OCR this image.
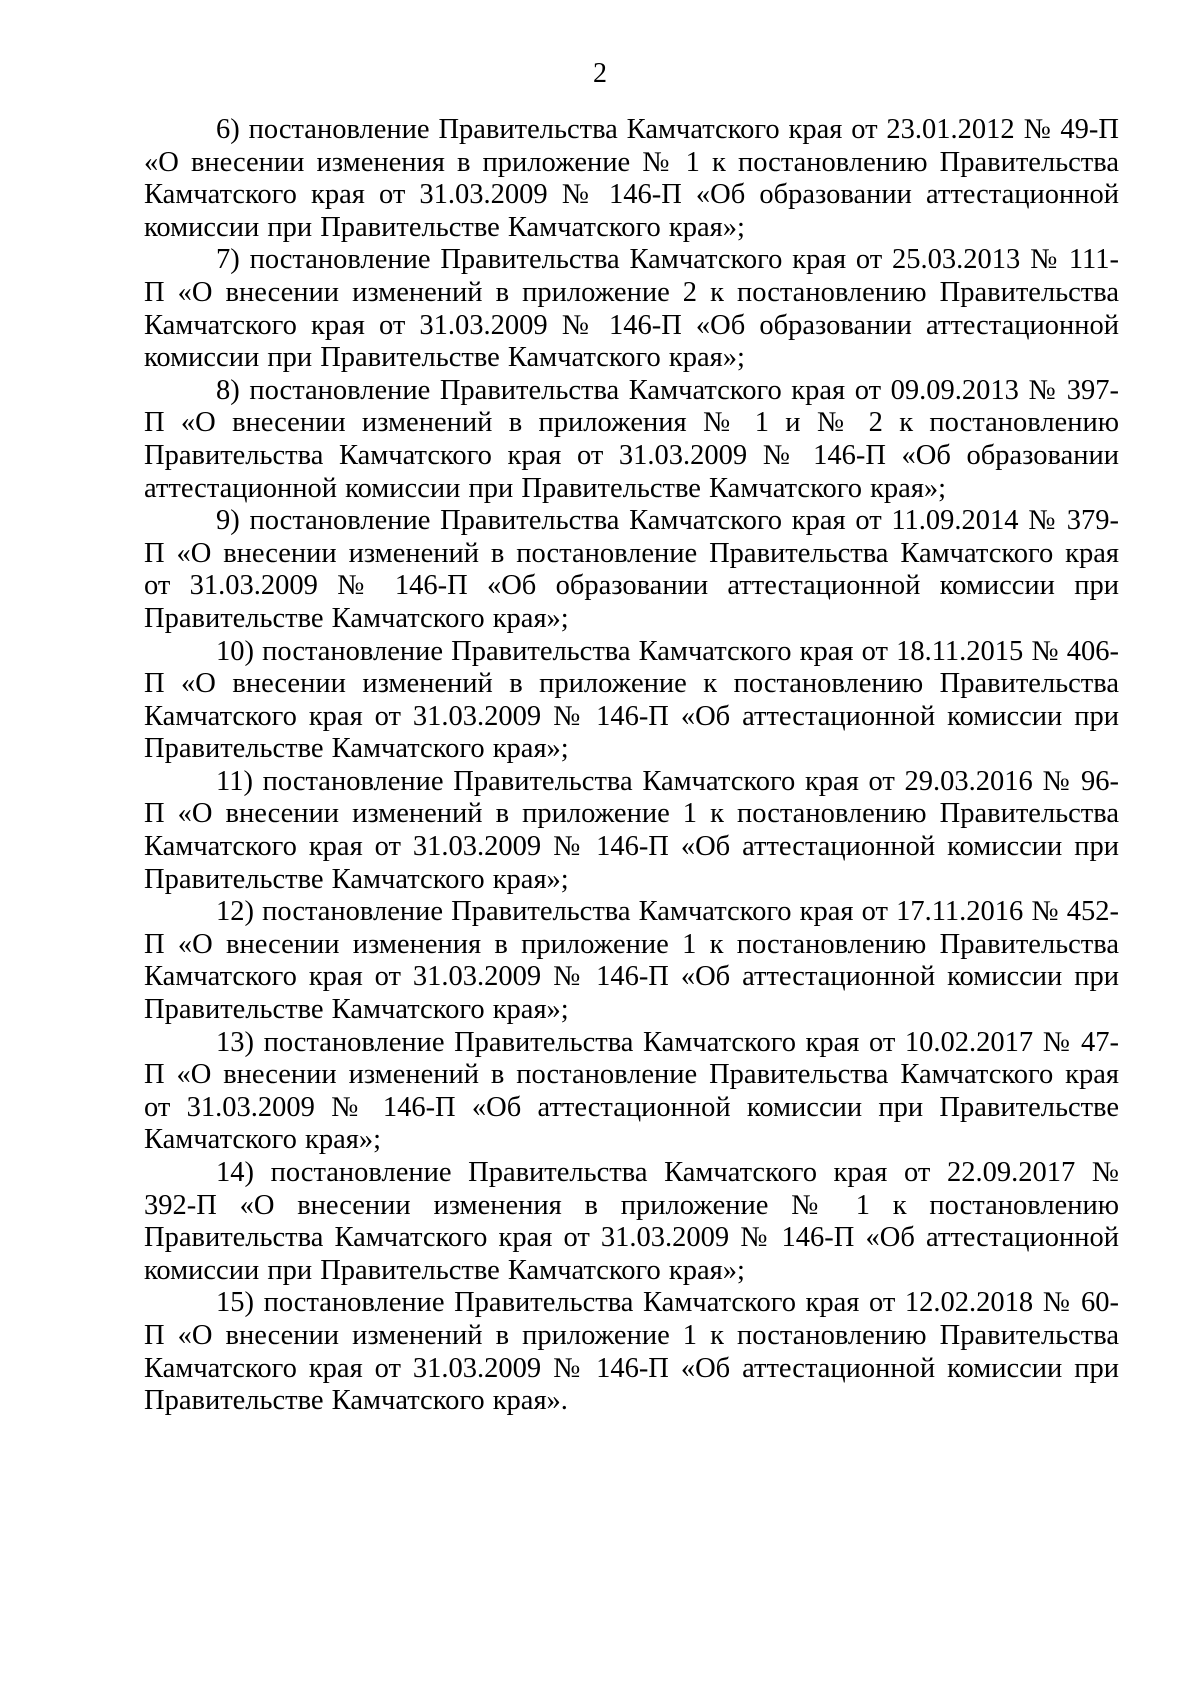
2

6) постановление Правительства Камчатского края от 23.01.2012 № 49-П «О внесении изменения в приложение № 1 к постановлению Правительства Камчатского края от 31.03.2009 № 146-П «Об образовании аттестационной комиссии при Правительстве Камчатского края»;

7) постановление Правительства Камчатского края от 25.03.2013 № 111-П «О внесении изменений в приложение 2 к постановлению Правительства Камчатского края от 31.03.2009 № 146-П «Об образовании аттестационной комиссии при Правительстве Камчатского края»;

8) постановление Правительства Камчатского края от 09.09.2013 № 397-П «О внесении изменений в приложения № 1 и № 2 к постановлению Правительства Камчатского края от 31.03.2009 № 146-П «Об образовании аттестационной комиссии при Правительстве Камчатского края»;

9) постановление Правительства Камчатского края от 11.09.2014 № 379-П «О внесении изменений в постановление Правительства Камчатского края от 31.03.2009 № 146-П «Об образовании аттестационной комиссии при Правительстве Камчатского края»;

10) постановление Правительства Камчатского края от 18.11.2015 № 406-П «О внесении изменений в приложение к постановлению Правительства Камчатского края от 31.03.2009 № 146-П «Об аттестационной комиссии при Правительстве Камчатского края»;

11) постановление Правительства Камчатского края от 29.03.2016 № 96-П «О внесении изменений в приложение 1 к постановлению Правительства Камчатского края от 31.03.2009 № 146-П «Об аттестационной комиссии при Правительстве Камчатского края»;

12) постановление Правительства Камчатского края от 17.11.2016 № 452-П «О внесении изменения в приложение 1 к постановлению Правительства Камчатского края от 31.03.2009 № 146-П «Об аттестационной комиссии при Правительстве Камчатского края»;

13) постановление Правительства Камчатского края от 10.02.2017 № 47-П «О внесении изменений в постановление Правительства Камчатского края от 31.03.2009 № 146-П «Об аттестационной комиссии при Правительстве Камчатского края»;

14) постановление Правительства Камчатского края от 22.09.2017 № 392-П «О внесении изменения в приложение № 1 к постановлению Правительства Камчатского края от 31.03.2009 № 146-П «Об аттестационной комиссии при Правительстве Камчатского края»;

15) постановление Правительства Камчатского края от 12.02.2018 № 60-П «О внесении изменений в приложение 1 к постановлению Правительства Камчатского края от 31.03.2009 № 146-П «Об аттестационной комиссии при Правительстве Камчатского края».
